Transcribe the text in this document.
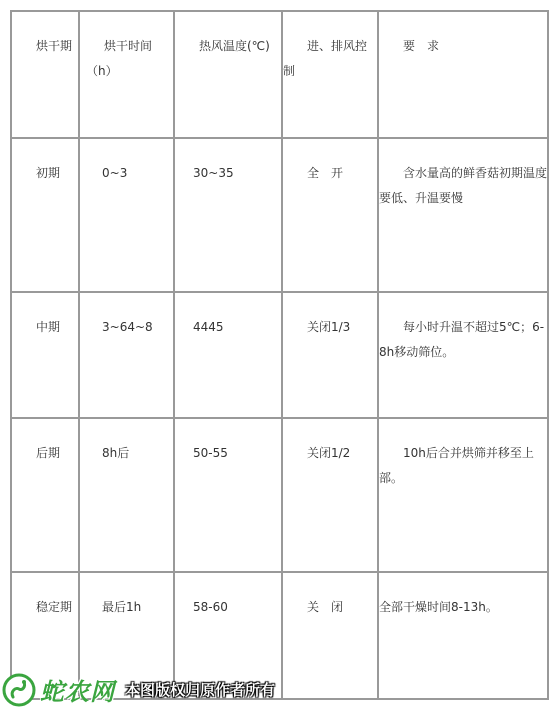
烘干期	烘干时间（h）	热风温度(℃)	进、排风控制	要　求

初期	0~3	30~35	全　开	含水量高的鲜香菇初期温度要低、升温要慢

中期	3~64~8	4445	关闭1/3	每小时升温不超过5℃；6-8h移动筛位。

后期	8h后	50-55	关闭1/2	10h后合并烘筛并移至上部。

稳定期	最后1h	58-60	关　闭	全部干燥时间8-13h。
蛇农网 本图版权归原作者所有
